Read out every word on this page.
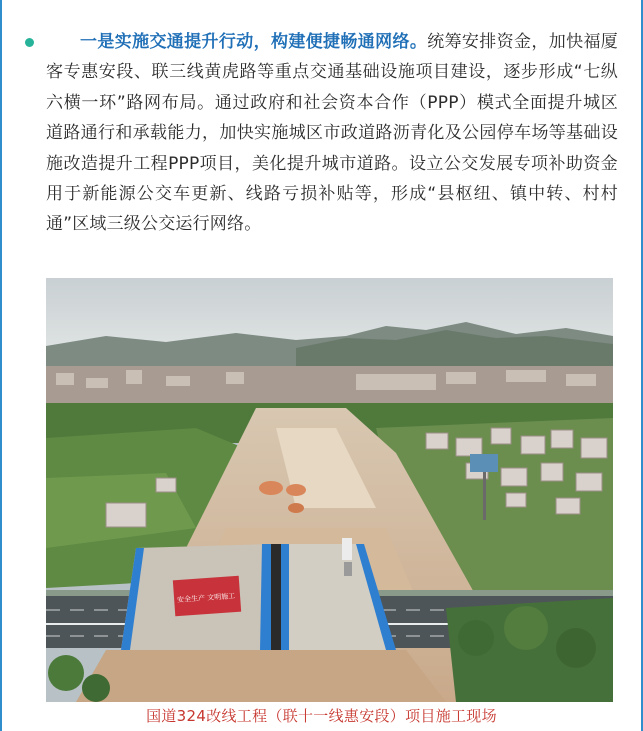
一是实施交通提升行动，构建便捷畅通网络。统筹安排资金，加快福厦客专惠安段、联三线黄虎路等重点交通基础设施项目建设，逐步形成“七纵六横一环”路网布局。通过政府和社会资本合作（PPP）模式全面提升城区道路通行和承载能力，加快实施城区市政道路沥青化及公园停车场等基础设施改造提升工程PPP项目，美化提升城市道路。设立公交发展专项补助资金用于新能源公交车更新、线路亏损补贴等，形成“县枢纽、镇中转、村村通”区域三级公交运行网络。

安全生产 文明施工
国道324改线工程（联十一线惠安段）项目施工现场
